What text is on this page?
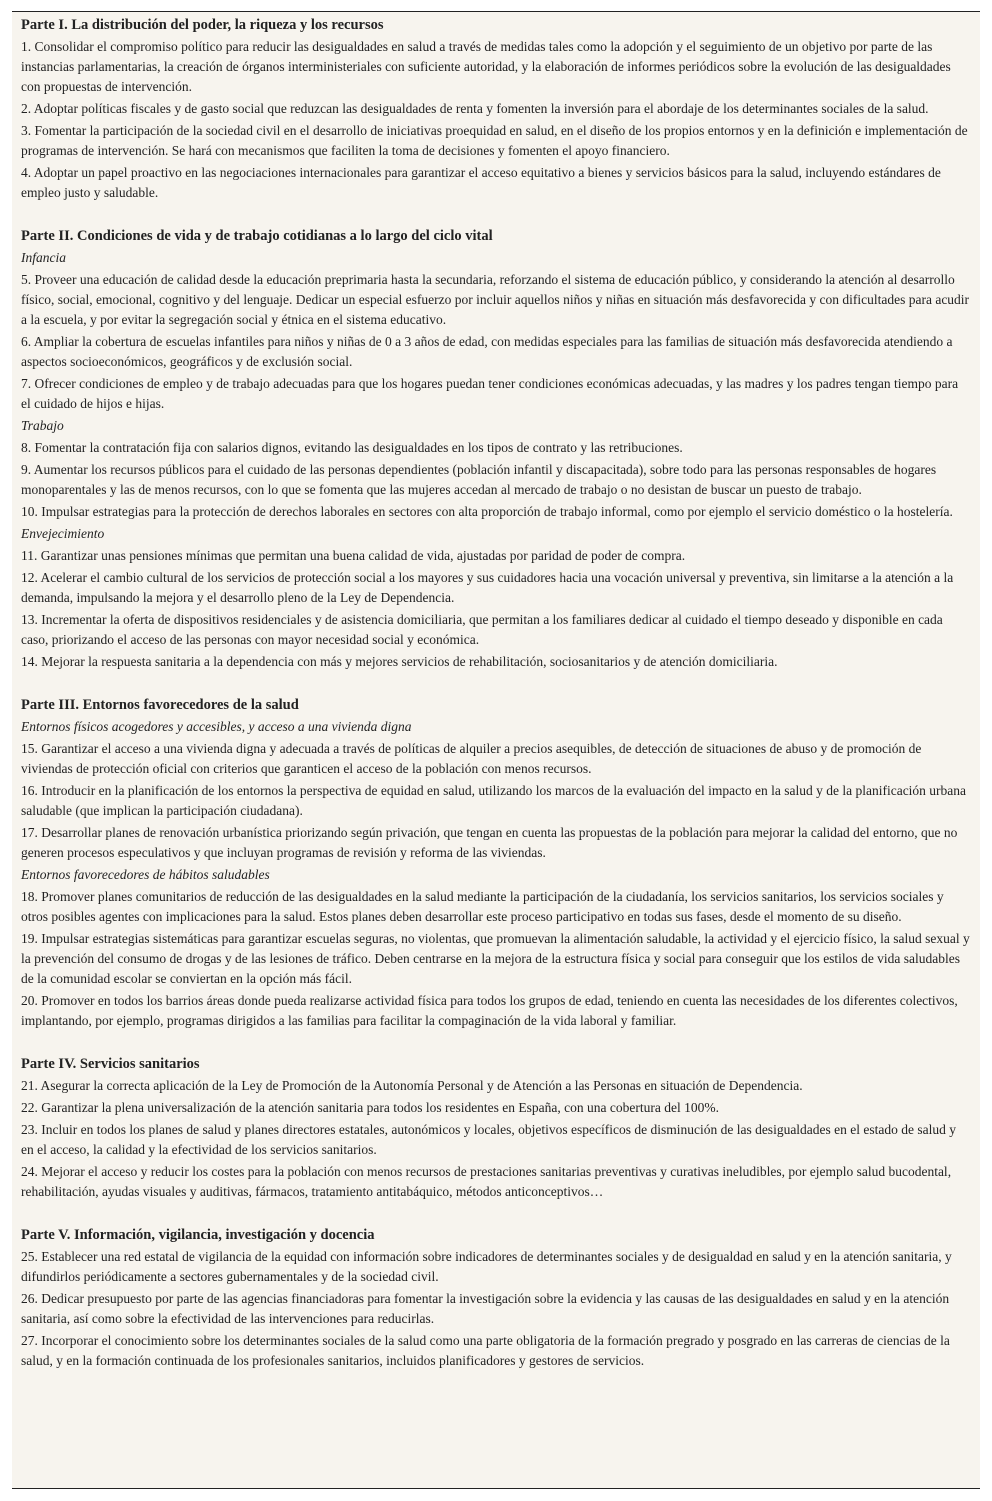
Parte I. La distribución del poder, la riqueza y los recursos
1. Consolidar el compromiso político para reducir las desigualdades en salud a través de medidas tales como la adopción y el seguimiento de un objetivo por parte de las instancias parlamentarias, la creación de órganos interministeriales con suficiente autoridad, y la elaboración de informes periódicos sobre la evolución de las desigualdades con propuestas de intervención.
2. Adoptar políticas fiscales y de gasto social que reduzcan las desigualdades de renta y fomenten la inversión para el abordaje de los determinantes sociales de la salud.
3. Fomentar la participación de la sociedad civil en el desarrollo de iniciativas proequidad en salud, en el diseño de los propios entornos y en la definición e implementación de programas de intervención. Se hará con mecanismos que faciliten la toma de decisiones y fomenten el apoyo financiero.
4. Adoptar un papel proactivo en las negociaciones internacionales para garantizar el acceso equitativo a bienes y servicios básicos para la salud, incluyendo estándares de empleo justo y saludable.
Parte II. Condiciones de vida y de trabajo cotidianas a lo largo del ciclo vital
Infancia
5. Proveer una educación de calidad desde la educación preprimaria hasta la secundaria, reforzando el sistema de educación público, y considerando la atención al desarrollo físico, social, emocional, cognitivo y del lenguaje. Dedicar un especial esfuerzo por incluir aquellos niños y niñas en situación más desfavorecida y con dificultades para acudir a la escuela, y por evitar la segregación social y étnica en el sistema educativo.
6. Ampliar la cobertura de escuelas infantiles para niños y niñas de 0 a 3 años de edad, con medidas especiales para las familias de situación más desfavorecida atendiendo a aspectos socioeconómicos, geográficos y de exclusión social.
7. Ofrecer condiciones de empleo y de trabajo adecuadas para que los hogares puedan tener condiciones económicas adecuadas, y las madres y los padres tengan tiempo para el cuidado de hijos e hijas.
Trabajo
8. Fomentar la contratación fija con salarios dignos, evitando las desigualdades en los tipos de contrato y las retribuciones.
9. Aumentar los recursos públicos para el cuidado de las personas dependientes (población infantil y discapacitada), sobre todo para las personas responsables de hogares monoparentales y las de menos recursos, con lo que se fomenta que las mujeres accedan al mercado de trabajo o no desistan de buscar un puesto de trabajo.
10. Impulsar estrategias para la protección de derechos laborales en sectores con alta proporción de trabajo informal, como por ejemplo el servicio doméstico o la hostelería.
Envejecimiento
11. Garantizar unas pensiones mínimas que permitan una buena calidad de vida, ajustadas por paridad de poder de compra.
12. Acelerar el cambio cultural de los servicios de protección social a los mayores y sus cuidadores hacia una vocación universal y preventiva, sin limitarse a la atención a la demanda, impulsando la mejora y el desarrollo pleno de la Ley de Dependencia.
13. Incrementar la oferta de dispositivos residenciales y de asistencia domiciliaria, que permitan a los familiares dedicar al cuidado el tiempo deseado y disponible en cada caso, priorizando el acceso de las personas con mayor necesidad social y económica.
14. Mejorar la respuesta sanitaria a la dependencia con más y mejores servicios de rehabilitación, sociosanitarios y de atención domiciliaria.
Parte III. Entornos favorecedores de la salud
Entornos físicos acogedores y accesibles, y acceso a una vivienda digna
15. Garantizar el acceso a una vivienda digna y adecuada a través de políticas de alquiler a precios asequibles, de detección de situaciones de abuso y de promoción de viviendas de protección oficial con criterios que garanticen el acceso de la población con menos recursos.
16. Introducir en la planificación de los entornos la perspectiva de equidad en salud, utilizando los marcos de la evaluación del impacto en la salud y de la planificación urbana saludable (que implican la participación ciudadana).
17. Desarrollar planes de renovación urbanística priorizando según privación, que tengan en cuenta las propuestas de la población para mejorar la calidad del entorno, que no generen procesos especulativos y que incluyan programas de revisión y reforma de las viviendas.
Entornos favorecedores de hábitos saludables
18. Promover planes comunitarios de reducción de las desigualdades en la salud mediante la participación de la ciudadanía, los servicios sanitarios, los servicios sociales y otros posibles agentes con implicaciones para la salud. Estos planes deben desarrollar este proceso participativo en todas sus fases, desde el momento de su diseño.
19. Impulsar estrategias sistemáticas para garantizar escuelas seguras, no violentas, que promuevan la alimentación saludable, la actividad y el ejercicio físico, la salud sexual y la prevención del consumo de drogas y de las lesiones de tráfico. Deben centrarse en la mejora de la estructura física y social para conseguir que los estilos de vida saludables de la comunidad escolar se conviertan en la opción más fácil.
20. Promover en todos los barrios áreas donde pueda realizarse actividad física para todos los grupos de edad, teniendo en cuenta las necesidades de los diferentes colectivos, implantando, por ejemplo, programas dirigidos a las familias para facilitar la compaginación de la vida laboral y familiar.
Parte IV. Servicios sanitarios
21. Asegurar la correcta aplicación de la Ley de Promoción de la Autonomía Personal y de Atención a las Personas en situación de Dependencia.
22. Garantizar la plena universalización de la atención sanitaria para todos los residentes en España, con una cobertura del 100%.
23. Incluir en todos los planes de salud y planes directores estatales, autonómicos y locales, objetivos específicos de disminución de las desigualdades en el estado de salud y en el acceso, la calidad y la efectividad de los servicios sanitarios.
24. Mejorar el acceso y reducir los costes para la población con menos recursos de prestaciones sanitarias preventivas y curativas ineludibles, por ejemplo salud bucodental, rehabilitación, ayudas visuales y auditivas, fármacos, tratamiento antitabáquico, métodos anticonceptivos…
Parte V. Información, vigilancia, investigación y docencia
25. Establecer una red estatal de vigilancia de la equidad con información sobre indicadores de determinantes sociales y de desigualdad en salud y en la atención sanitaria, y difundirlos periódicamente a sectores gubernamentales y de la sociedad civil.
26. Dedicar presupuesto por parte de las agencias financiadoras para fomentar la investigación sobre la evidencia y las causas de las desigualdades en salud y en la atención sanitaria, así como sobre la efectividad de las intervenciones para reducirlas.
27. Incorporar el conocimiento sobre los determinantes sociales de la salud como una parte obligatoria de la formación pregrado y posgrado en las carreras de ciencias de la salud, y en la formación continuada de los profesionales sanitarios, incluidos planificadores y gestores de servicios.
